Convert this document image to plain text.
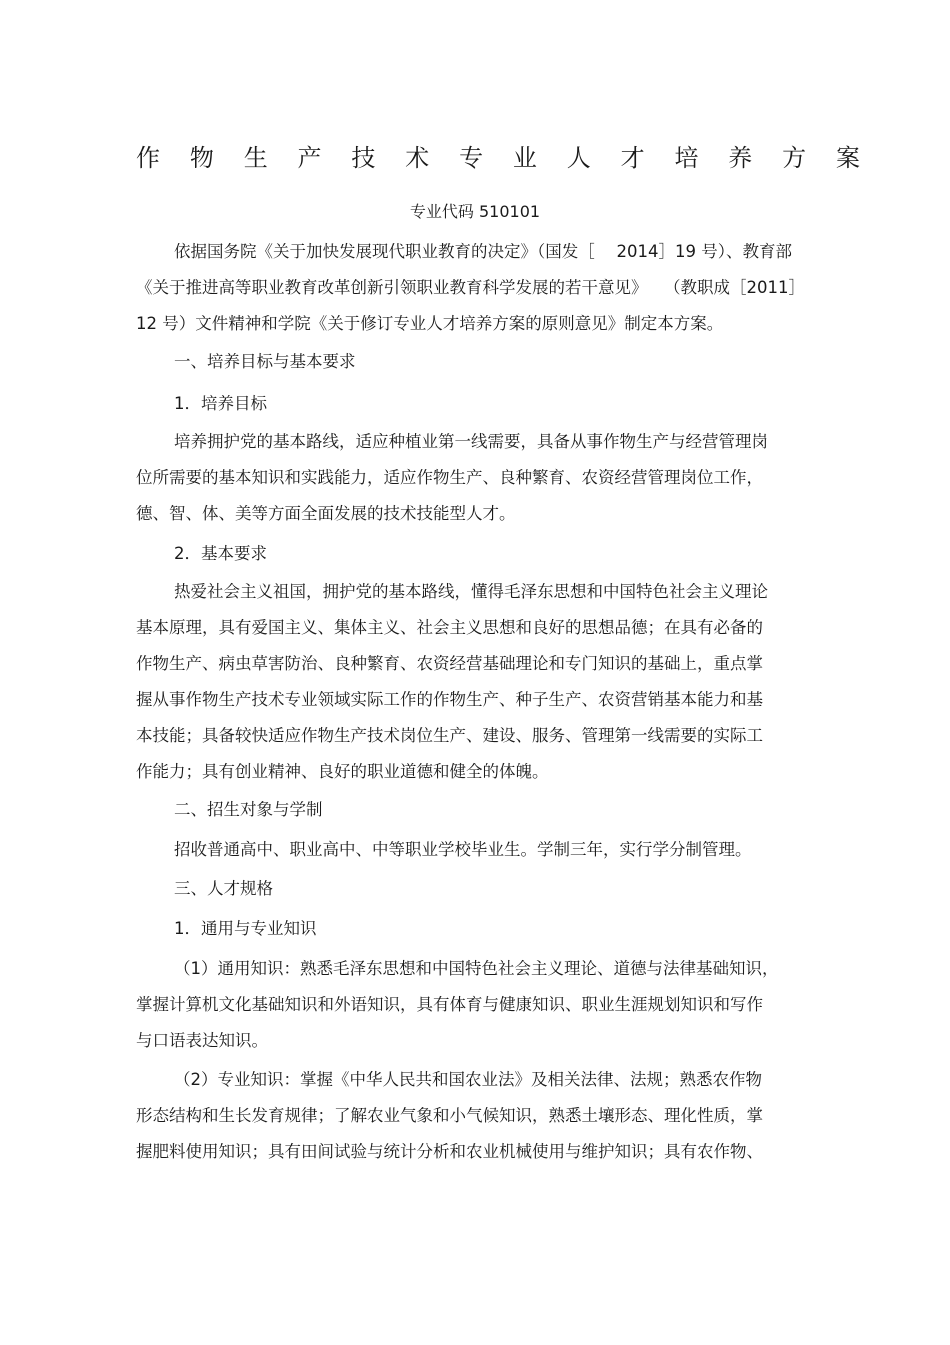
作 物 生 产 技 术 专 业 人 才 培 养 方 案
专业代码 510101
依据国务院《关于加快发展现代职业教育的决定》（国发［　 2014］19 号）、教育部
《关于推进高等职业教育改革创新引领职业教育科学发展的若干意见》　　（教职成［2011］
12 号）文件精神和学院《关于修订专业人才培养方案的原则意见》制定本方案。
一、培养目标与基本要求
1．培养目标
培养拥护党的基本路线，适应种植业第一线需要，具备从事作物生产与经营管理岗
位所需要的基本知识和实践能力，适应作物生产、良种繁育、农资经营管理岗位工作，
德、智、体、美等方面全面发展的技术技能型人才。
2．基本要求
热爱社会主义祖国，拥护党的基本路线，懂得毛泽东思想和中国特色社会主义理论
基本原理，具有爱国主义、集体主义、社会主义思想和良好的思想品德；在具有必备的
作物生产、病虫草害防治、良种繁育、农资经营基础理论和专门知识的基础上，重点掌
握从事作物生产技术专业领域实际工作的作物生产、种子生产、农资营销基本能力和基
本技能；具备较快适应作物生产技术岗位生产、建设、服务、管理第一线需要的实际工
作能力；具有创业精神、良好的职业道德和健全的体魄。
二、招生对象与学制
招收普通高中、职业高中、中等职业学校毕业生。学制三年，实行学分制管理。
三、人才规格
1．通用与专业知识
（1）通用知识：熟悉毛泽东思想和中国特色社会主义理论、道德与法律基础知识，
掌握计算机文化基础知识和外语知识，具有体育与健康知识、职业生涯规划知识和写作
与口语表达知识。
（2）专业知识：掌握《中华人民共和国农业法》及相关法律、法规；熟悉农作物
形态结构和生长发育规律；了解农业气象和小气候知识，熟悉土壤形态、理化性质，掌
握肥料使用知识；具有田间试验与统计分析和农业机械使用与维护知识；具有农作物、
